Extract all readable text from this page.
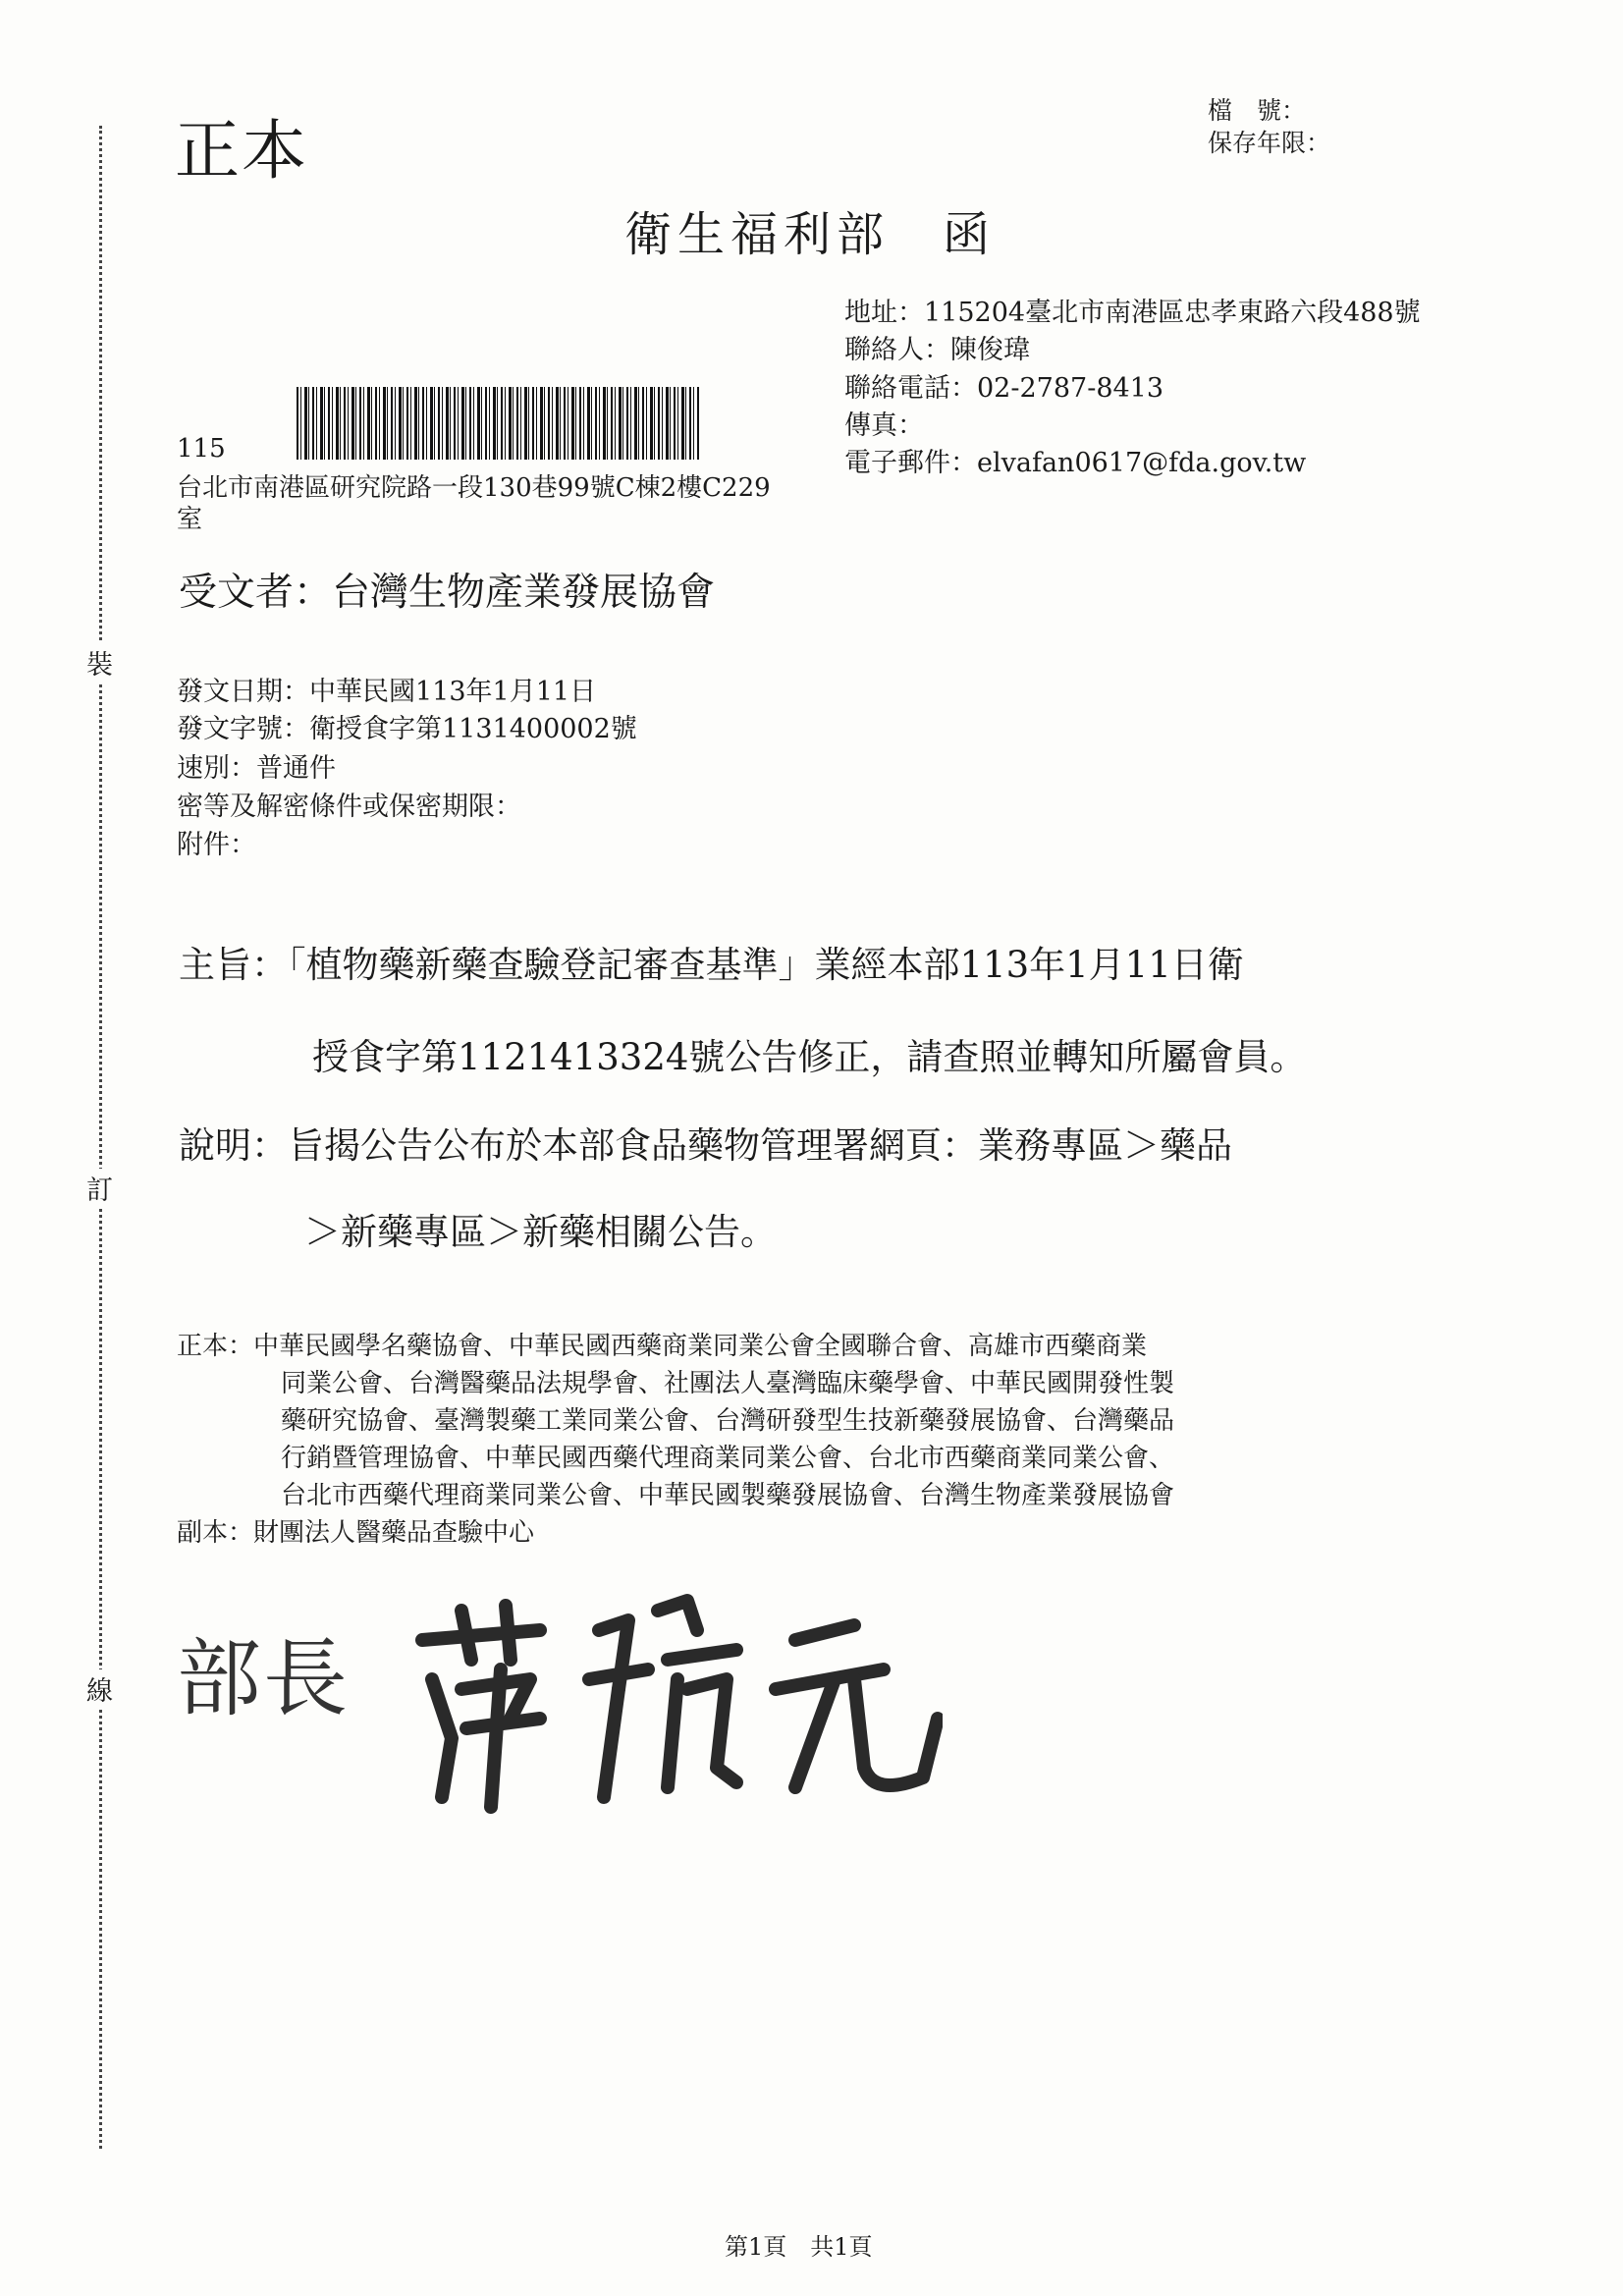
裝
訂
線
正本
檔　號：
保存年限：
衛生福利部　函
地址：115204臺北市南港區忠孝東路六段488號
聯絡人：陳俊瑋
聯絡電話：02-2787-8413
傳真：
電子郵件：elvafan0617@fda.gov.tw
115
台北市南港區研究院路一段130巷99號C棟2樓C229
室
受文者：台灣生物產業發展協會
發文日期：中華民國113年1月11日
發文字號：衛授食字第1131400002號
速別：普通件
密等及解密條件或保密期限：
附件：
主旨：「植物藥新藥查驗登記審查基準」業經本部113年1月11日衛
授食字第1121413324號公告修正，請查照並轉知所屬會員。
說明：旨揭公告公布於本部食品藥物管理署網頁：業務專區＞藥品
＞新藥專區＞新藥相關公告。
正本：中華民國學名藥協會、中華民國西藥商業同業公會全國聯合會、高雄市西藥商業
同業公會、台灣醫藥品法規學會、社團法人臺灣臨床藥學會、中華民國開發性製
藥研究協會、臺灣製藥工業同業公會、台灣研發型生技新藥發展協會、台灣藥品
行銷暨管理協會、中華民國西藥代理商業同業公會、台北市西藥商業同業公會、
台北市西藥代理商業同業公會、中華民國製藥發展協會、台灣生物產業發展協會
副本：財團法人醫藥品查驗中心
部長
第1頁　共1頁
